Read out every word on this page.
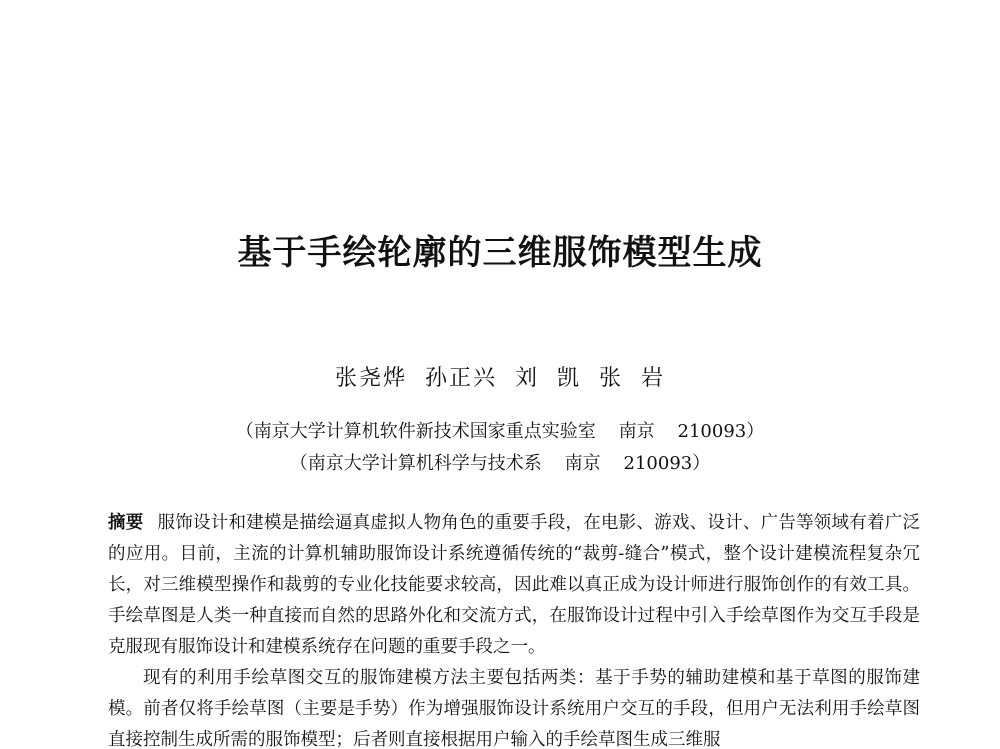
基于手绘轮廓的三维服饰模型生成
张尧烨  孙正兴  刘  凯  张  岩
（南京大学计算机软件新技术国家重点实验室    南京    210093）
（南京大学计算机科学与技术系    南京    210093）
摘要 服饰设计和建模是描绘逼真虚拟人物角色的重要手段，在电影、游戏、设计、广告等领域有着广泛的应用。目前，主流的计算机辅助服饰设计系统遵循传统的“裁剪-缝合”模式，整个设计建模流程复杂冗长，对三维模型操作和裁剪的专业化技能要求较高，因此难以真正成为设计师进行服饰创作的有效工具。手绘草图是人类一种直接而自然的思路外化和交流方式，在服饰设计过程中引入手绘草图作为交互手段是克服现有服饰设计和建模系统存在问题的重要手段之一。
现有的利用手绘草图交互的服饰建模方法主要包括两类：基于手势的辅助建模和基于草图的服饰建模。前者仅将手绘草图（主要是手势）作为增强服饰设计系统用户交互的手段，但用户无法利用手绘草图直接控制生成所需的服饰模型；后者则直接根据用户输入的手绘草图生成三维服
